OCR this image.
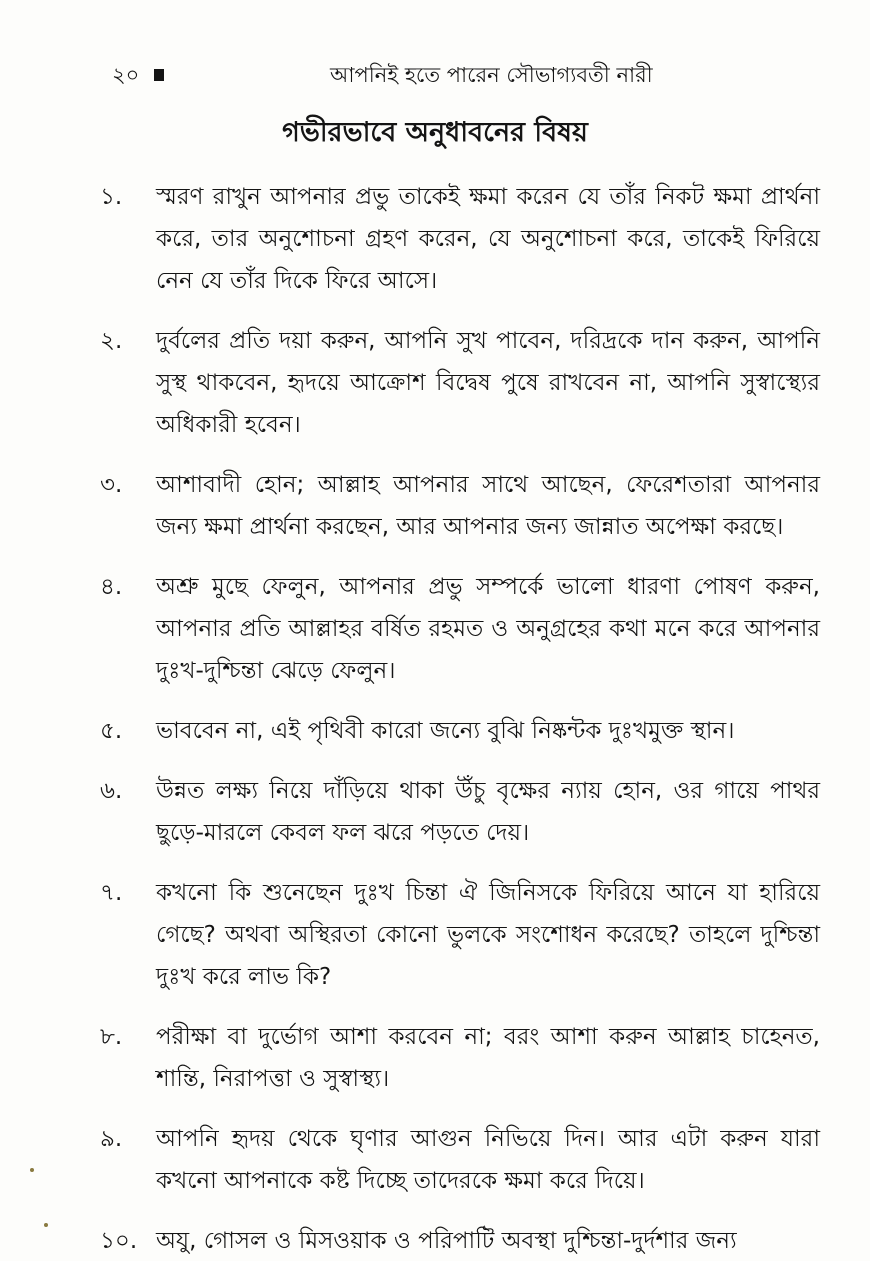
২০	আপনিই হতে পারেন সৌভাগ্যবতী নারী
গভীরভাবে অনুধাবনের বিষয়
১.	স্মরণ রাখুন আপনার প্রভু তাকেই ক্ষমা করেন যে তাঁর নিকট ক্ষমা প্রার্থনা করে, তার অনুশোচনা গ্রহণ করেন, যে অনুশোচনা করে, তাকেই ফিরিয়ে নেন যে তাঁর দিকে ফিরে আসে।
২.	দুর্বলের প্রতি দয়া করুন, আপনি সুখ পাবেন, দরিদ্রকে দান করুন, আপনি সুস্থ থাকবেন, হৃদয়ে আক্রোশ বিদ্বেষ পুষে রাখবেন না, আপনি সুস্বাস্থ্যের অধিকারী হবেন।
৩.	আশাবাদী হোন; আল্লাহ আপনার সাথে আছেন, ফেরেশতারা আপনার জন্য ক্ষমা প্রার্থনা করছেন, আর আপনার জন্য জান্নাত অপেক্ষা করছে।
৪.	অশ্রু মুছে ফেলুন, আপনার প্রভু সম্পর্কে ভালো ধারণা পোষণ করুন, আপনার প্রতি আল্লাহর বর্ষিত রহমত ও অনুগ্রহের কথা মনে করে আপনার দুঃখ-দুশ্চিন্তা ঝেড়ে ফেলুন।
৫.	ভাববেন না, এই পৃথিবী কারো জন্যে বুঝি নিষ্কন্টক দুঃখমুক্ত স্থান।
৬.	উন্নত লক্ষ্য নিয়ে দাঁড়িয়ে থাকা উঁচু বৃক্ষের ন্যায় হোন, ওর গায়ে পাথর ছুড়ে-মারলে কেবল ফল ঝরে পড়তে দেয়।
৭.	কখনো কি শুনেছেন দুঃখ চিন্তা ঐ জিনিসকে ফিরিয়ে আনে যা হারিয়ে গেছে? অথবা অস্থিরতা কোনো ভুলকে সংশোধন করেছে? তাহলে দুশ্চিন্তা দুঃখ করে লাভ কি?
৮.	পরীক্ষা বা দুর্ভোগ আশা করবেন না; বরং আশা করুন আল্লাহ চাহেনত, শান্তি, নিরাপত্তা ও সুস্বাস্থ্য।
৯.	আপনি হৃদয় থেকে ঘৃণার আগুন নিভিয়ে দিন। আর এটা করুন যারা কখনো আপনাকে কষ্ট দিচ্ছে তাদেরকে ক্ষমা করে দিয়ে।
১০. অযু, গোসল ও মিসওয়াক ও পরিপাটি অবস্থা দুশ্চিন্তা-দুর্দশার জন্য
